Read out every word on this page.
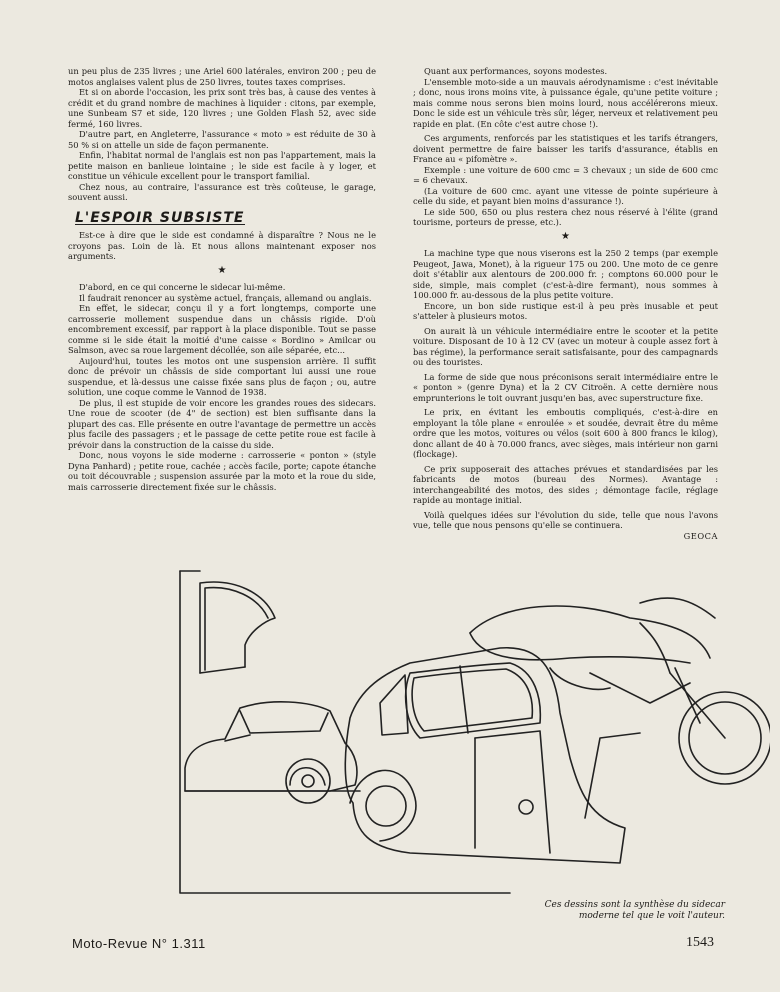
un peu plus de 235 livres ; une Ariel 600 latérales, environ 200 ; peu de motos anglaises valent plus de 250 livres, toutes taxes comprises.

Et si on aborde l'occasion, les prix sont très bas, à cause des ventes à crédit et du grand nombre de machines à liquider : citons, par exemple, une Sunbeam S7 et side, 120 livres ; une Golden Flash 52, avec side fermé, 160 livres.

D'autre part, en Angleterre, l'assurance « moto » est réduite de 30 à 50 % si on attelle un side de façon permanente.

Enfin, l'habitat normal de l'anglais est non pas l'appartement, mais la petite maison en banlieue lointaine ; le side est facile à y loger, et constitue un véhicule excellent pour le transport familial.

Chez nous, au contraire, l'assurance est très coûteuse, le garage, souvent aussi.

L'ESPOIR SUBSISTE

Est-ce à dire que le side est condamné à disparaître ? Nous ne le croyons pas. Loin de là. Et nous allons maintenant exposer nos arguments.

★

D'abord, en ce qui concerne le sidecar lui-même.

Il faudrait renoncer au système actuel, français, allemand ou anglais.

En effet, le sidecar, conçu il y a fort longtemps, comporte une carrosserie mollement suspendue dans un châssis rigide. D'où encombrement excessif, par rapport à la place disponible. Tout se passe comme si le side était la moitié d'une caisse « Bordino » Amilcar ou Salmson, avec sa roue largement décollée, son aile séparée, etc...

Aujourd'hui, toutes les motos ont une suspension arrière. Il suffit donc de prévoir un châssis de side comportant lui aussi une roue suspendue, et là-dessus une caisse fixée sans plus de façon ; ou, autre solution, une coque comme le Vannod de 1938.

De plus, il est stupide de voir encore les grandes roues des sidecars. Une roue de scooter (de 4" de section) est bien suffisante dans la plupart des cas. Elle présente en outre l'avantage de permettre un accès plus facile des passagers ; et le passage de cette petite roue est facile à prévoir dans la construction de la caisse du side.

Donc, nous voyons le side moderne : carrosserie « ponton » (style Dyna Panhard) ; petite roue, cachée ; accès facile, porte; capote étanche ou toit découvrable ; suspension assurée par la moto et la roue du side, mais carrosserie directement fixée sur le châssis.

Quant aux performances, soyons modestes.

L'ensemble moto-side a un mauvais aérodynamisme : c'est inévitable ; donc, nous irons moins vite, à puissance égale, qu'une petite voiture ; mais comme nous serons bien moins lourd, nous accélérerons mieux. Donc le side est un véhicule très sûr, léger, nerveux et relativement peu rapide en plat. (En côte c'est autre chose !).

Ces arguments, renforcés par les statistiques et les tarifs étrangers, doivent permettre de faire baisser les tarifs d'assurance, établis en France au « pifomètre ».

Exemple : une voiture de 600 cmc = 3 chevaux ; un side de 600 cmc = 6 chevaux.

(La voiture de 600 cmc. ayant une vitesse de pointe supérieure à celle du side, et payant bien moins d'assurance !).

Le side 500, 650 ou plus restera chez nous réservé à l'élite (grand tourisme, porteurs de presse, etc.).

★

La machine type que nous viserons est la 250 2 temps (par exemple Peugeot, Jawa, Monet), à la rigueur 175 ou 200. Une moto de ce genre doit s'établir aux alentours de 200.000 fr. ; comptons 60.000 pour le side, simple, mais complet (c'est-à-dire fermant), nous sommes à 100.000 fr. au-dessous de la plus petite voiture.

Encore, un bon side rustique est-il à peu près inusable et peut s'atteler à plusieurs motos.

On aurait là un véhicule intermédiaire entre le scooter et la petite voiture. Disposant de 10 à 12 CV (avec un moteur à couple assez fort à bas régime), la performance serait satisfaisante, pour des campagnards ou des touristes.

La forme de side que nous préconisons serait intermédiaire entre le « ponton » (genre Dyna) et la 2 CV Citroën. A cette dernière nous emprunterions le toit ouvrant jusqu'en bas, avec superstructure fixe.

Le prix, en évitant les emboutis compliqués, c'est-à-dire en employant la tôle plane « enroulée » et soudée, devrait être du même ordre que les motos, voitures ou vélos (soit 600 à 800 francs le kilog), donc allant de 40 à 70.000 francs, avec sièges, mais intérieur non garni (flockage).

Ce prix supposerait des attaches prévues et standardisées par les fabricants de motos (bureau des Normes). Avantage : interchangeabilité des motos, des sides ; démontage facile, réglage rapide au montage initial.

Voilà quelques idées sur l'évolution du side, telle que nous l'avons vue, telle que nous pensons qu'elle se continuera.

GEOCA

Ces dessins sont la synthèse du sidecar moderne tel que le voit l'auteur.
Moto-Revue N° 1.311	1543
